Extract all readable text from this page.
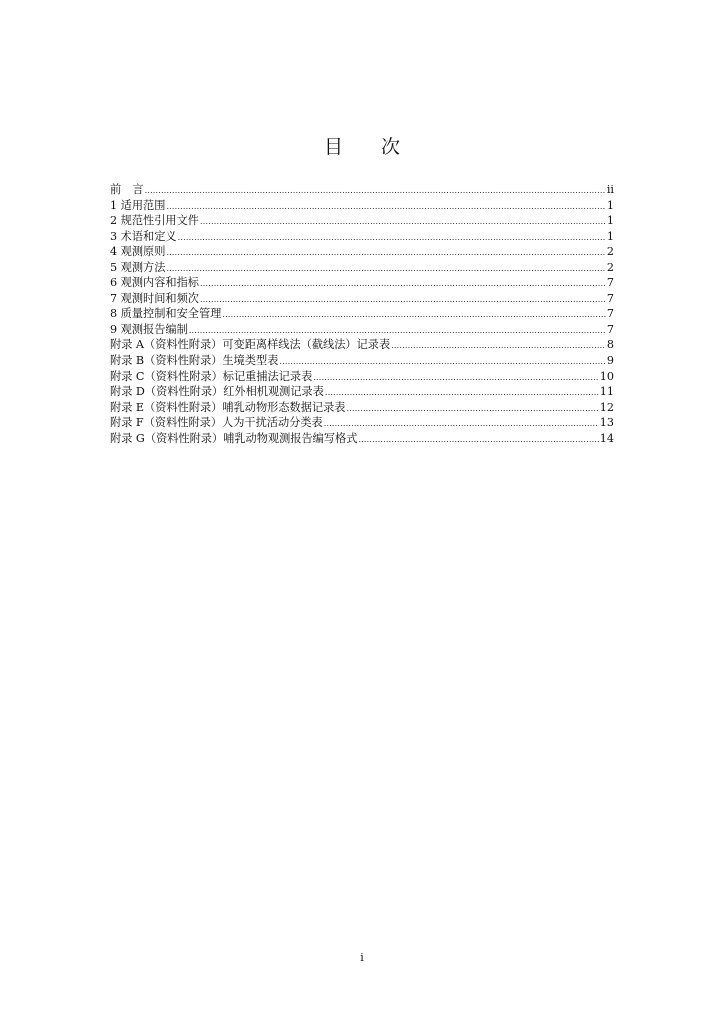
目 次
前　言 .....	ii
1 适用范围 .....	1
2 规范性引用文件 .....	1
3 术语和定义 .....	1
4 观测原则 .....	2
5 观测方法 .....	2
6 观测内容和指标 .....	7
7 观测时间和频次 .....	7
8 质量控制和安全管理 .....	7
9 观测报告编制 .....	7
附录 A（资料性附录）可变距离样线法（截线法）记录表 .....	8
附录 B（资料性附录）生境类型表 .....	9
附录 C（资料性附录）标记重捕法记录表 .....	10
附录 D（资料性附录）红外相机观测记录表 .....	11
附录 E（资料性附录）哺乳动物形态数据记录表 .....	12
附录 F（资料性附录）人为干扰活动分类表 .....	13
附录 G（资料性附录）哺乳动物观测报告编写格式 .....	14
i
